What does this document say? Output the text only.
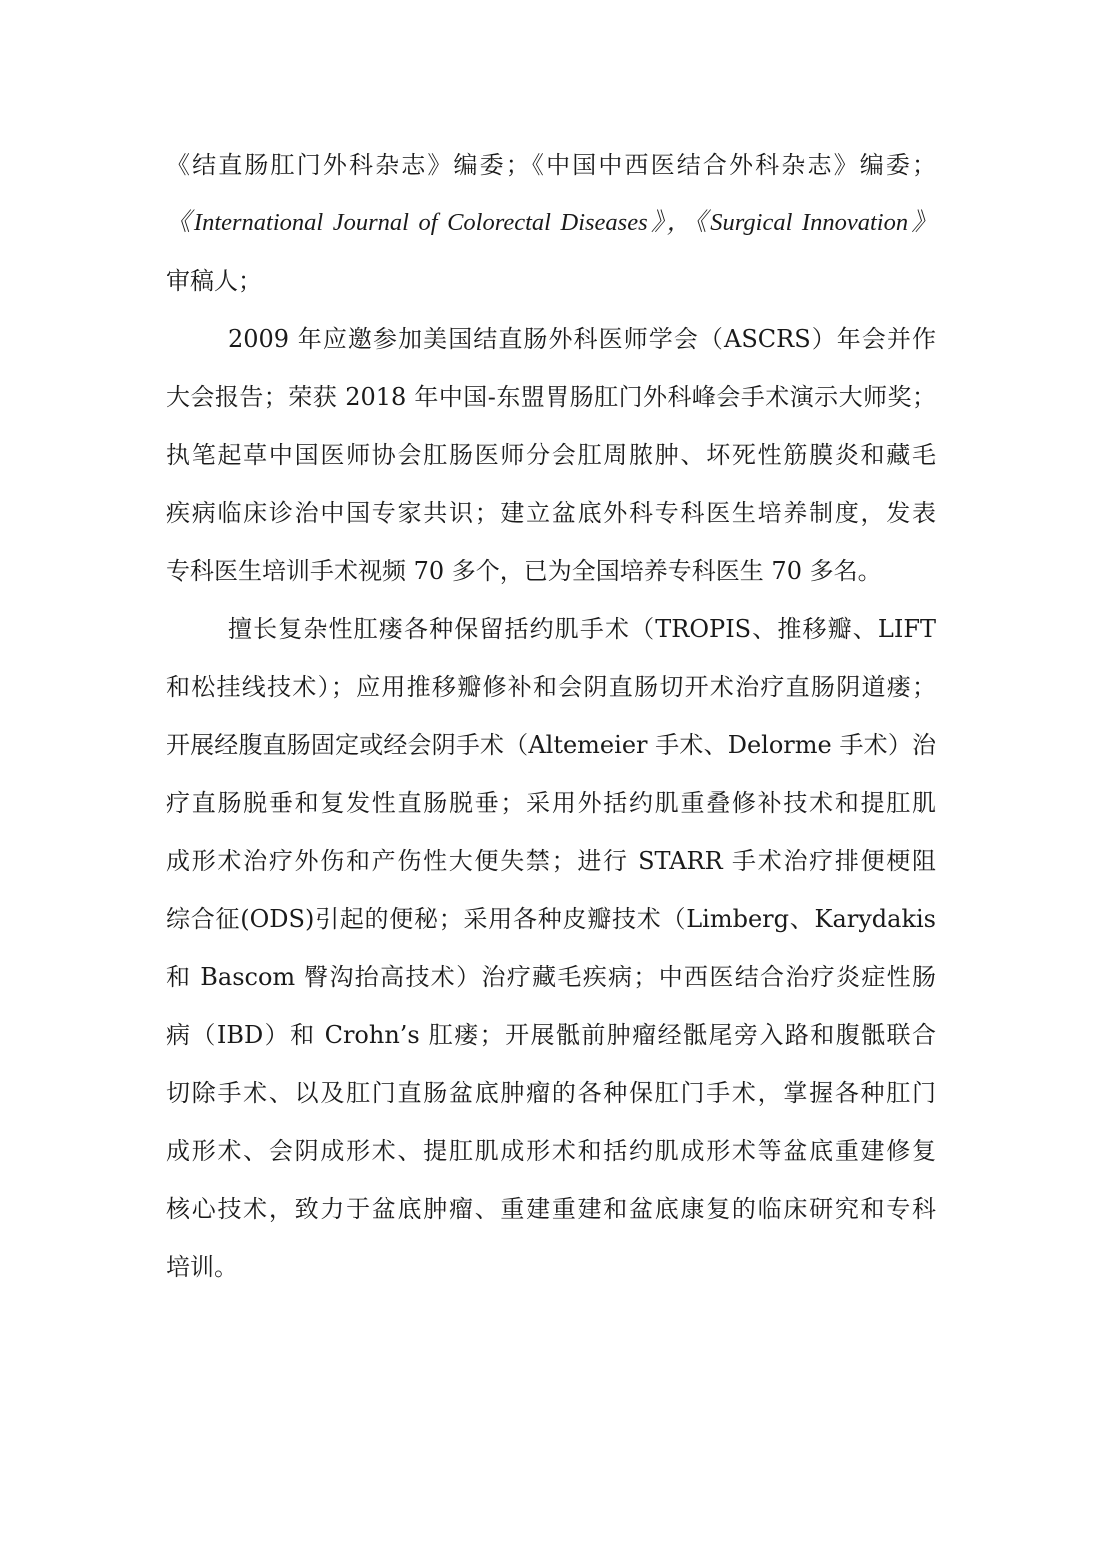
《结直肠肛门外科杂志》编委；《中国中西医结合外科杂志》编委；
《International Journal of Colorectal Diseases》，《Surgical Innovation》
审稿人；
2009 年应邀参加美国结直肠外科医师学会（ASCRS）年会并作
大会报告；荣获 2018 年中国-东盟胃肠肛门外科峰会手术演示大师奖；
执笔起草中国医师协会肛肠医师分会肛周脓肿、坏死性筋膜炎和藏毛
疾病临床诊治中国专家共识；建立盆底外科专科医生培养制度，发表
专科医生培训手术视频 70 多个，已为全国培养专科医生 70 多名。
擅长复杂性肛瘘各种保留括约肌手术（TROPIS、推移瓣、LIFT
和松挂线技术）；应用推移瓣修补和会阴直肠切开术治疗直肠阴道瘘；
开展经腹直肠固定或经会阴手术（Altemeier 手术、Delorme 手术）治
疗直肠脱垂和复发性直肠脱垂；采用外括约肌重叠修补技术和提肛肌
成形术治疗外伤和产伤性大便失禁；进行 STARR 手术治疗排便梗阻
综合征(ODS)引起的便秘；采用各种皮瓣技术（Limberg、Karydakis
和 Bascom 臀沟抬高技术）治疗藏毛疾病；中西医结合治疗炎症性肠
病（IBD）和 Crohn’s 肛瘘；开展骶前肿瘤经骶尾旁入路和腹骶联合
切除手术、以及肛门直肠盆底肿瘤的各种保肛门手术，掌握各种肛门
成形术、会阴成形术、提肛肌成形术和括约肌成形术等盆底重建修复
核心技术，致力于盆底肿瘤、重建重建和盆底康复的临床研究和专科
培训。
